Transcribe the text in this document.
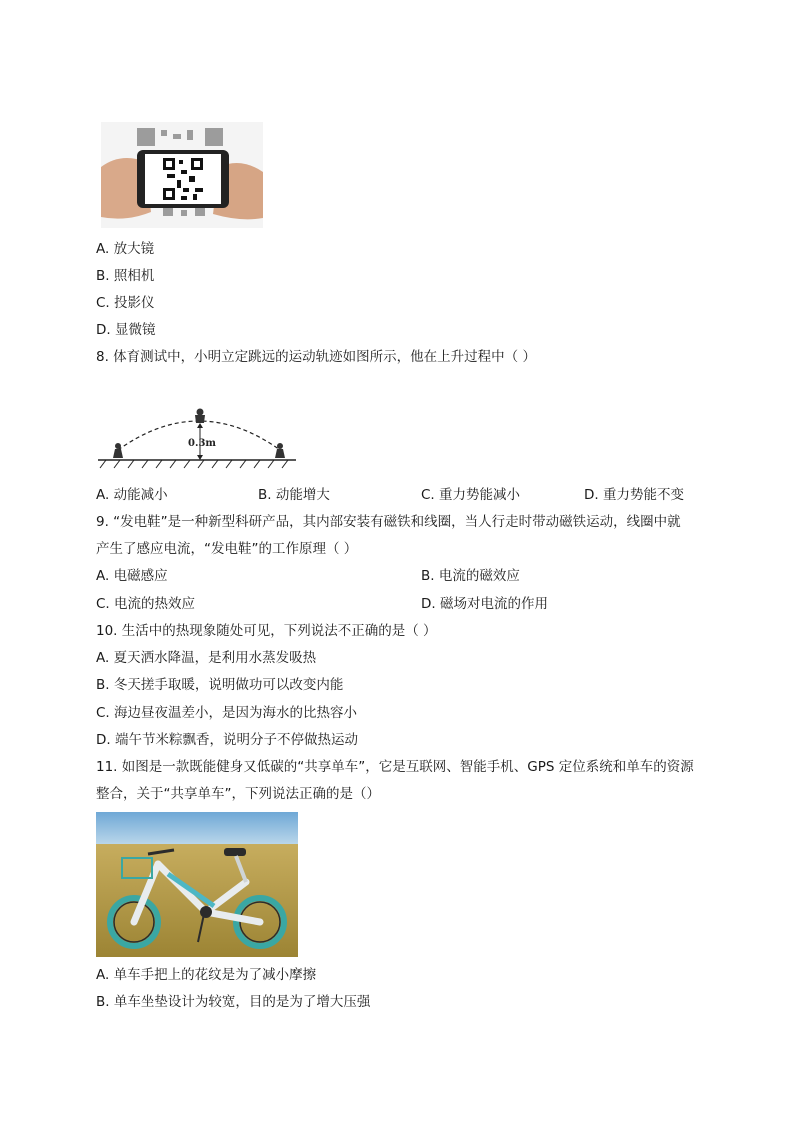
A. 放大镜
B. 照相机
C. 投影仪
D. 显微镜
8. 体育测试中，小明立定跳远的运动轨迹如图所示，他在上升过程中（ ）
0.3m
A. 动能减小	B. 动能增大	C. 重力势能减小	D. 重力势能不变
9. “发电鞋”是一种新型科研产品，其内部安装有磁铁和线圈，当人行走时带动磁铁运动，线圈中就
产生了感应电流，“发电鞋”的工作原理（ ）
A. 电磁感应	B. 电流的磁效应
C. 电流的热效应	D. 磁场对电流的作用
10. 生活中的热现象随处可见，下列说法不正确的是（ ）
A. 夏天洒水降温，是利用水蒸发吸热
B. 冬天搓手取暖，说明做功可以改变内能
C. 海边昼夜温差小，是因为海水的比热容小
D. 端午节米粽飘香，说明分子不停做热运动
11. 如图是一款既能健身又低碳的“共享单车”，它是互联网、智能手机、GPS 定位系统和单车的资源
整合，关于“共享单车”，下列说法正确的是（）
A. 单车手把上的花纹是为了减小摩擦
B. 单车坐垫设计为较宽，目的是为了增大压强
